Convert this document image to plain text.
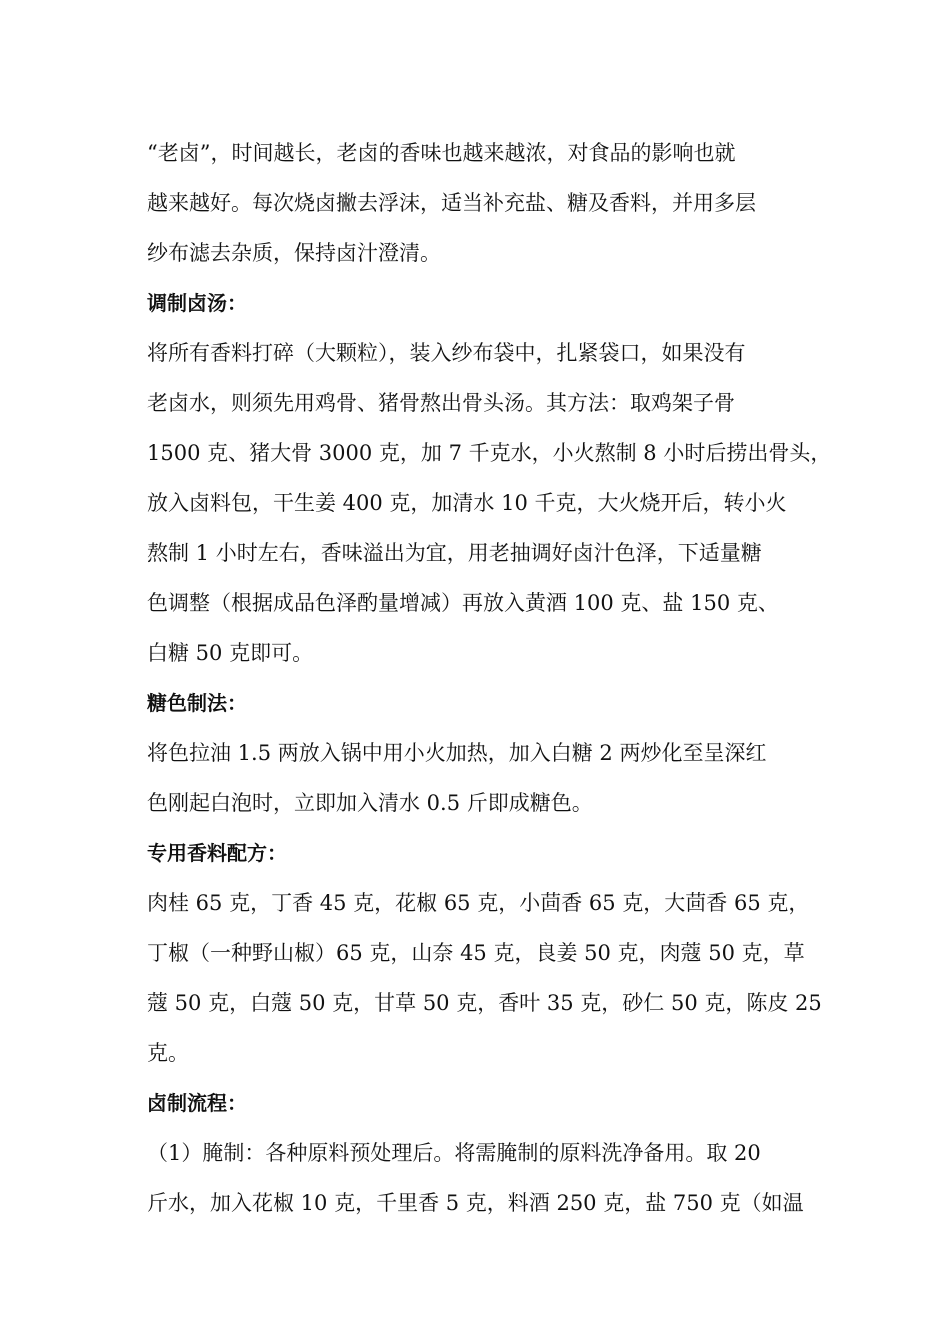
“老卤”，时间越长，老卤的香味也越来越浓，对食品的影响也就
越来越好。每次烧卤撇去浮沫，适当补充盐、糖及香料，并用多层
纱布滤去杂质，保持卤汁澄清。
调制卤汤：
将所有香料打碎（大颗粒），装入纱布袋中，扎紧袋口，如果没有
老卤水，则须先用鸡骨、猪骨熬出骨头汤。其方法：取鸡架子骨
1500 克、猪大骨 3000 克，加 7 千克水，小火熬制 8 小时后捞出骨头，
放入卤料包，干生姜 400 克，加清水 10 千克，大火烧开后，转小火
熬制 1 小时左右，香味溢出为宜，用老抽调好卤汁色泽，下适量糖
色调整（根据成品色泽酌量增减）再放入黄酒 100 克、盐 150 克、
白糖 50 克即可。
糖色制法：
将色拉油 1.5 两放入锅中用小火加热，加入白糖 2 两炒化至呈深红
色刚起白泡时，立即加入清水 0.5 斤即成糖色。
专用香料配方：
肉桂 65 克，丁香 45 克，花椒 65 克，小茴香 65 克，大茴香 65 克，
丁椒（一种野山椒）65 克，山奈 45 克，良姜 50 克，肉蔻 50 克，草
蔻 50 克，白蔻 50 克，甘草 50 克，香叶 35 克，砂仁 50 克，陈皮 25
克。
卤制流程：
（1）腌制：各种原料预处理后。将需腌制的原料洗净备用。取 20
斤水，加入花椒 10 克，千里香 5 克，料酒 250 克，盐 750 克（如温
